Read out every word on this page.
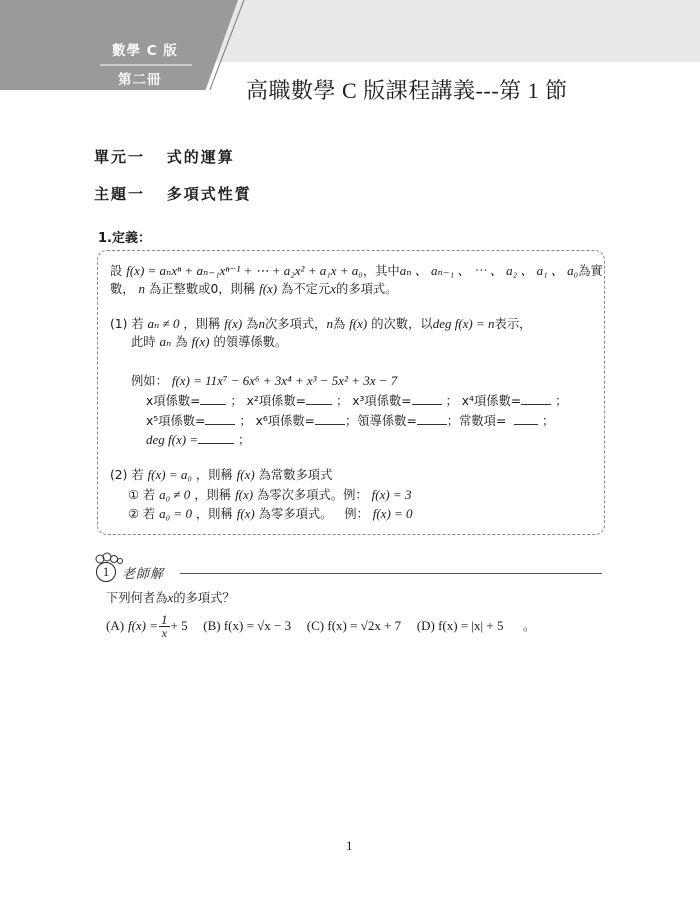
數學 C 版
第二冊	高職數學 C 版課程講義---第 1 節
單元一 式的運算
主題一 多項式性質
1.定義：
設 f(x) = aₙxⁿ + aₙ₋₁xⁿ⁻¹ + ⋯ + a₂x² + a₁x + a₀，其中aₙ 、 aₙ₋₁ 、 ⋯ 、 a₂ 、 a₁ 、 a₀為實
數， n 為正整數或0，則稱 f(x) 為不定元x的多項式。
(1) 若 aₙ ≠ 0 ，則稱 f(x) 為n次多項式，n為 f(x) 的次數，以deg f(x) = n表示，
此時 aₙ 為 f(x) 的領導係數。
例如： f(x) = 11x⁷ − 6x⁶ + 3x⁴ + x³ − 5x² + 3x − 7
x項係數= ； x²項係數= ； x³項係數=	； x⁴項係數=	；
x⁵項係數=	； x⁶項係數= ；領導係數= ；常數項=	；
deg f(x) =	；
(2) 若 f(x) = a₀ ，則稱 f(x) 為常數多項式
① 若 a₀ ≠ 0 ，則稱 f(x) 為零次多項式。例： f(x) = 3
② 若 a₀ = 0 ，則稱 f(x) 為零多項式。 例： f(x) = 0
1 老師解
下列何者為x的多項式？
(A) $f(x) = \frac{1}{x} + 5$ (B) f(x) = √x − 3 (C) f(x) = √2x + 7 (D) f(x) = |x| + 5 。
1
